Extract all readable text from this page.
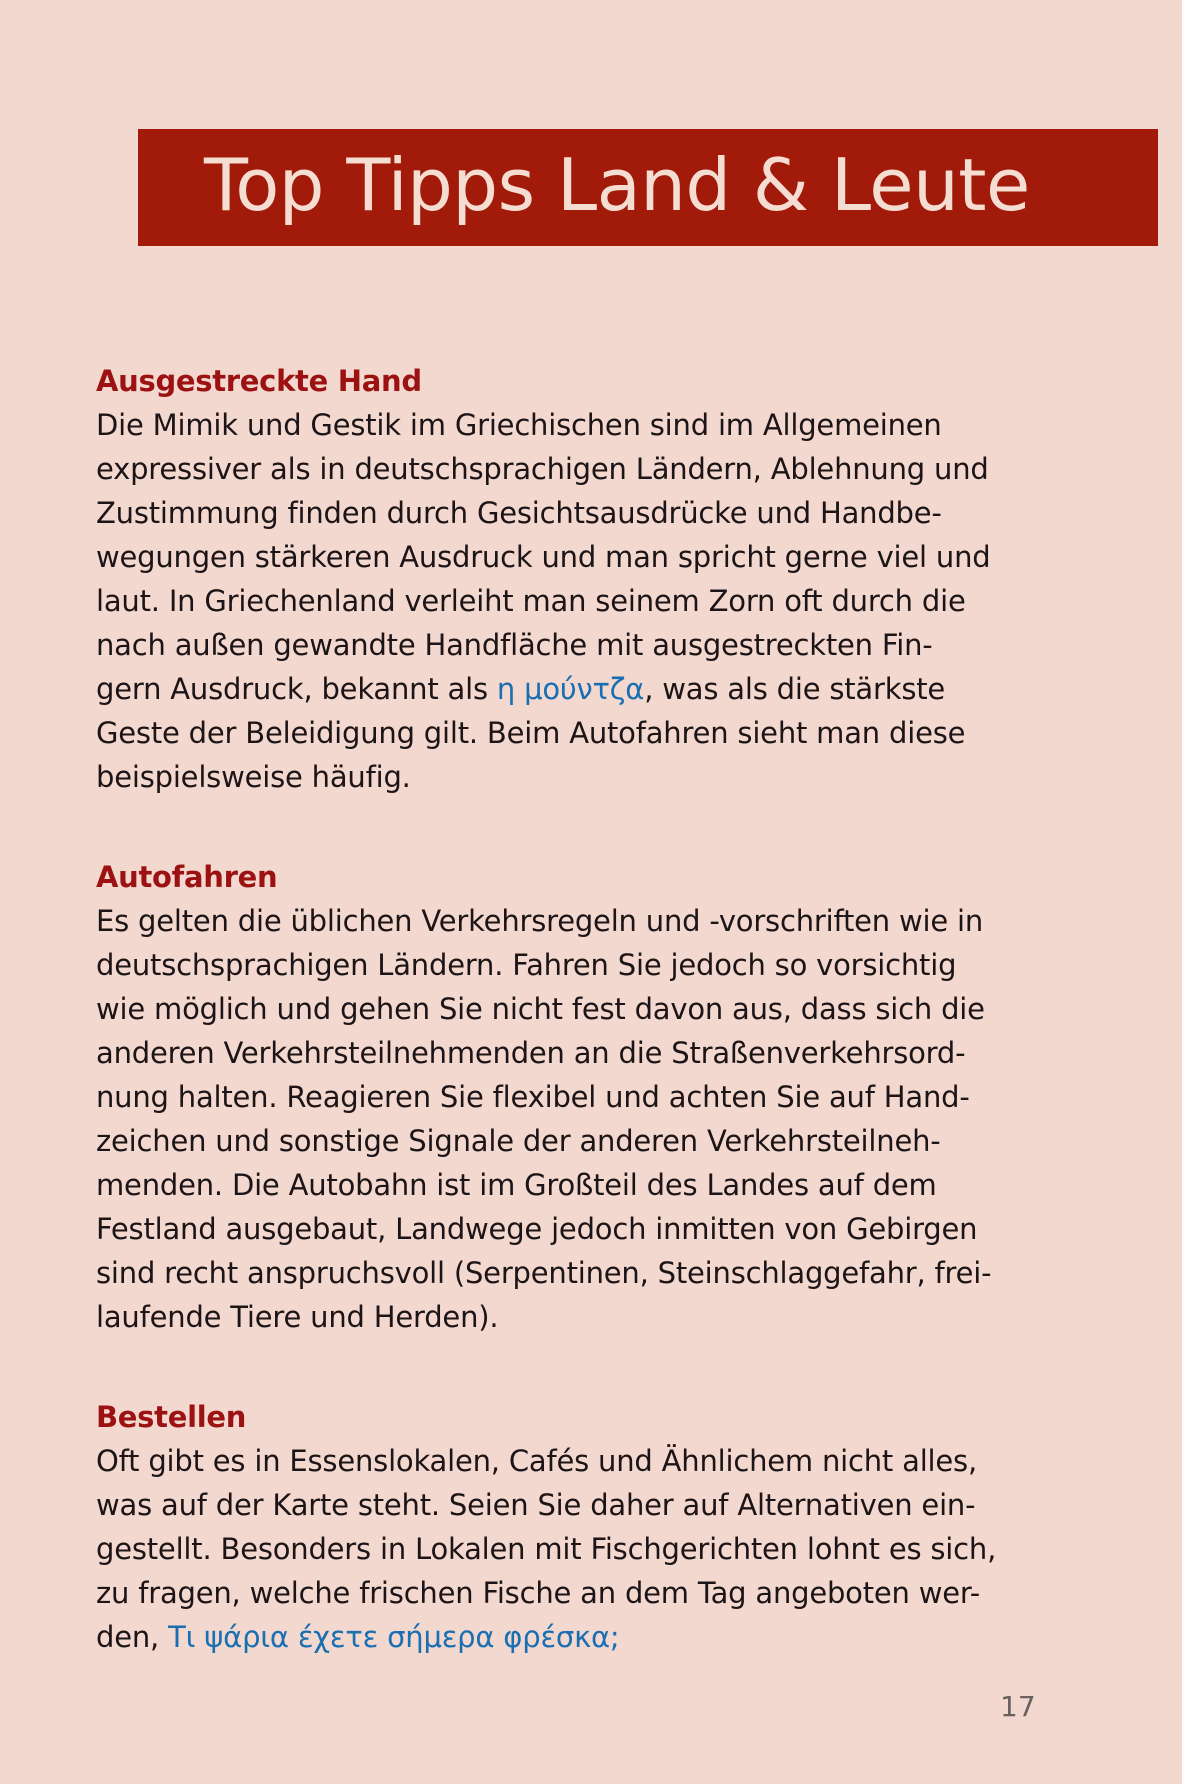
Top Tipps Land & Leute
Ausgestreckte Hand
Die Mimik und Gestik im Griechischen sind im Allgemeinen
expressiver als in deutschsprachigen Ländern, Ablehnung und
Zustimmung finden durch Gesichtsausdrücke und Handbe-
wegungen stärkeren Ausdruck und man spricht gerne viel und
laut. In Griechenland verleiht man seinem Zorn oft durch die
nach außen gewandte Handfläche mit ausgestreckten Fin-
gern Ausdruck, bekannt als η μούντζα, was als die stärkste
Geste der Beleidigung gilt. Beim Autofahren sieht man diese
beispielsweise häufig.
Autofahren
Es gelten die üblichen Verkehrsregeln und -vorschriften wie in
deutschsprachigen Ländern. Fahren Sie jedoch so vorsichtig
wie möglich und gehen Sie nicht fest davon aus, dass sich die
anderen Verkehrsteilnehmenden an die Straßenverkehrsord-
nung halten. Reagieren Sie flexibel und achten Sie auf Hand-
zeichen und sonstige Signale der anderen Verkehrsteilneh-
menden. Die Autobahn ist im Großteil des Landes auf dem
Festland ausgebaut, Landwege jedoch inmitten von Gebirgen
sind recht anspruchsvoll (Serpentinen, Steinschlaggefahr, frei-
laufende Tiere und Herden).
Bestellen
Oft gibt es in Essenslokalen, Cafés und Ähnlichem nicht alles,
was auf der Karte steht. Seien Sie daher auf Alternativen ein-
gestellt. Besonders in Lokalen mit Fischgerichten lohnt es sich,
zu fragen, welche frischen Fische an dem Tag angeboten wer-
den, Τι ψάρια έχετε σήμερα φρέσκα;
17
